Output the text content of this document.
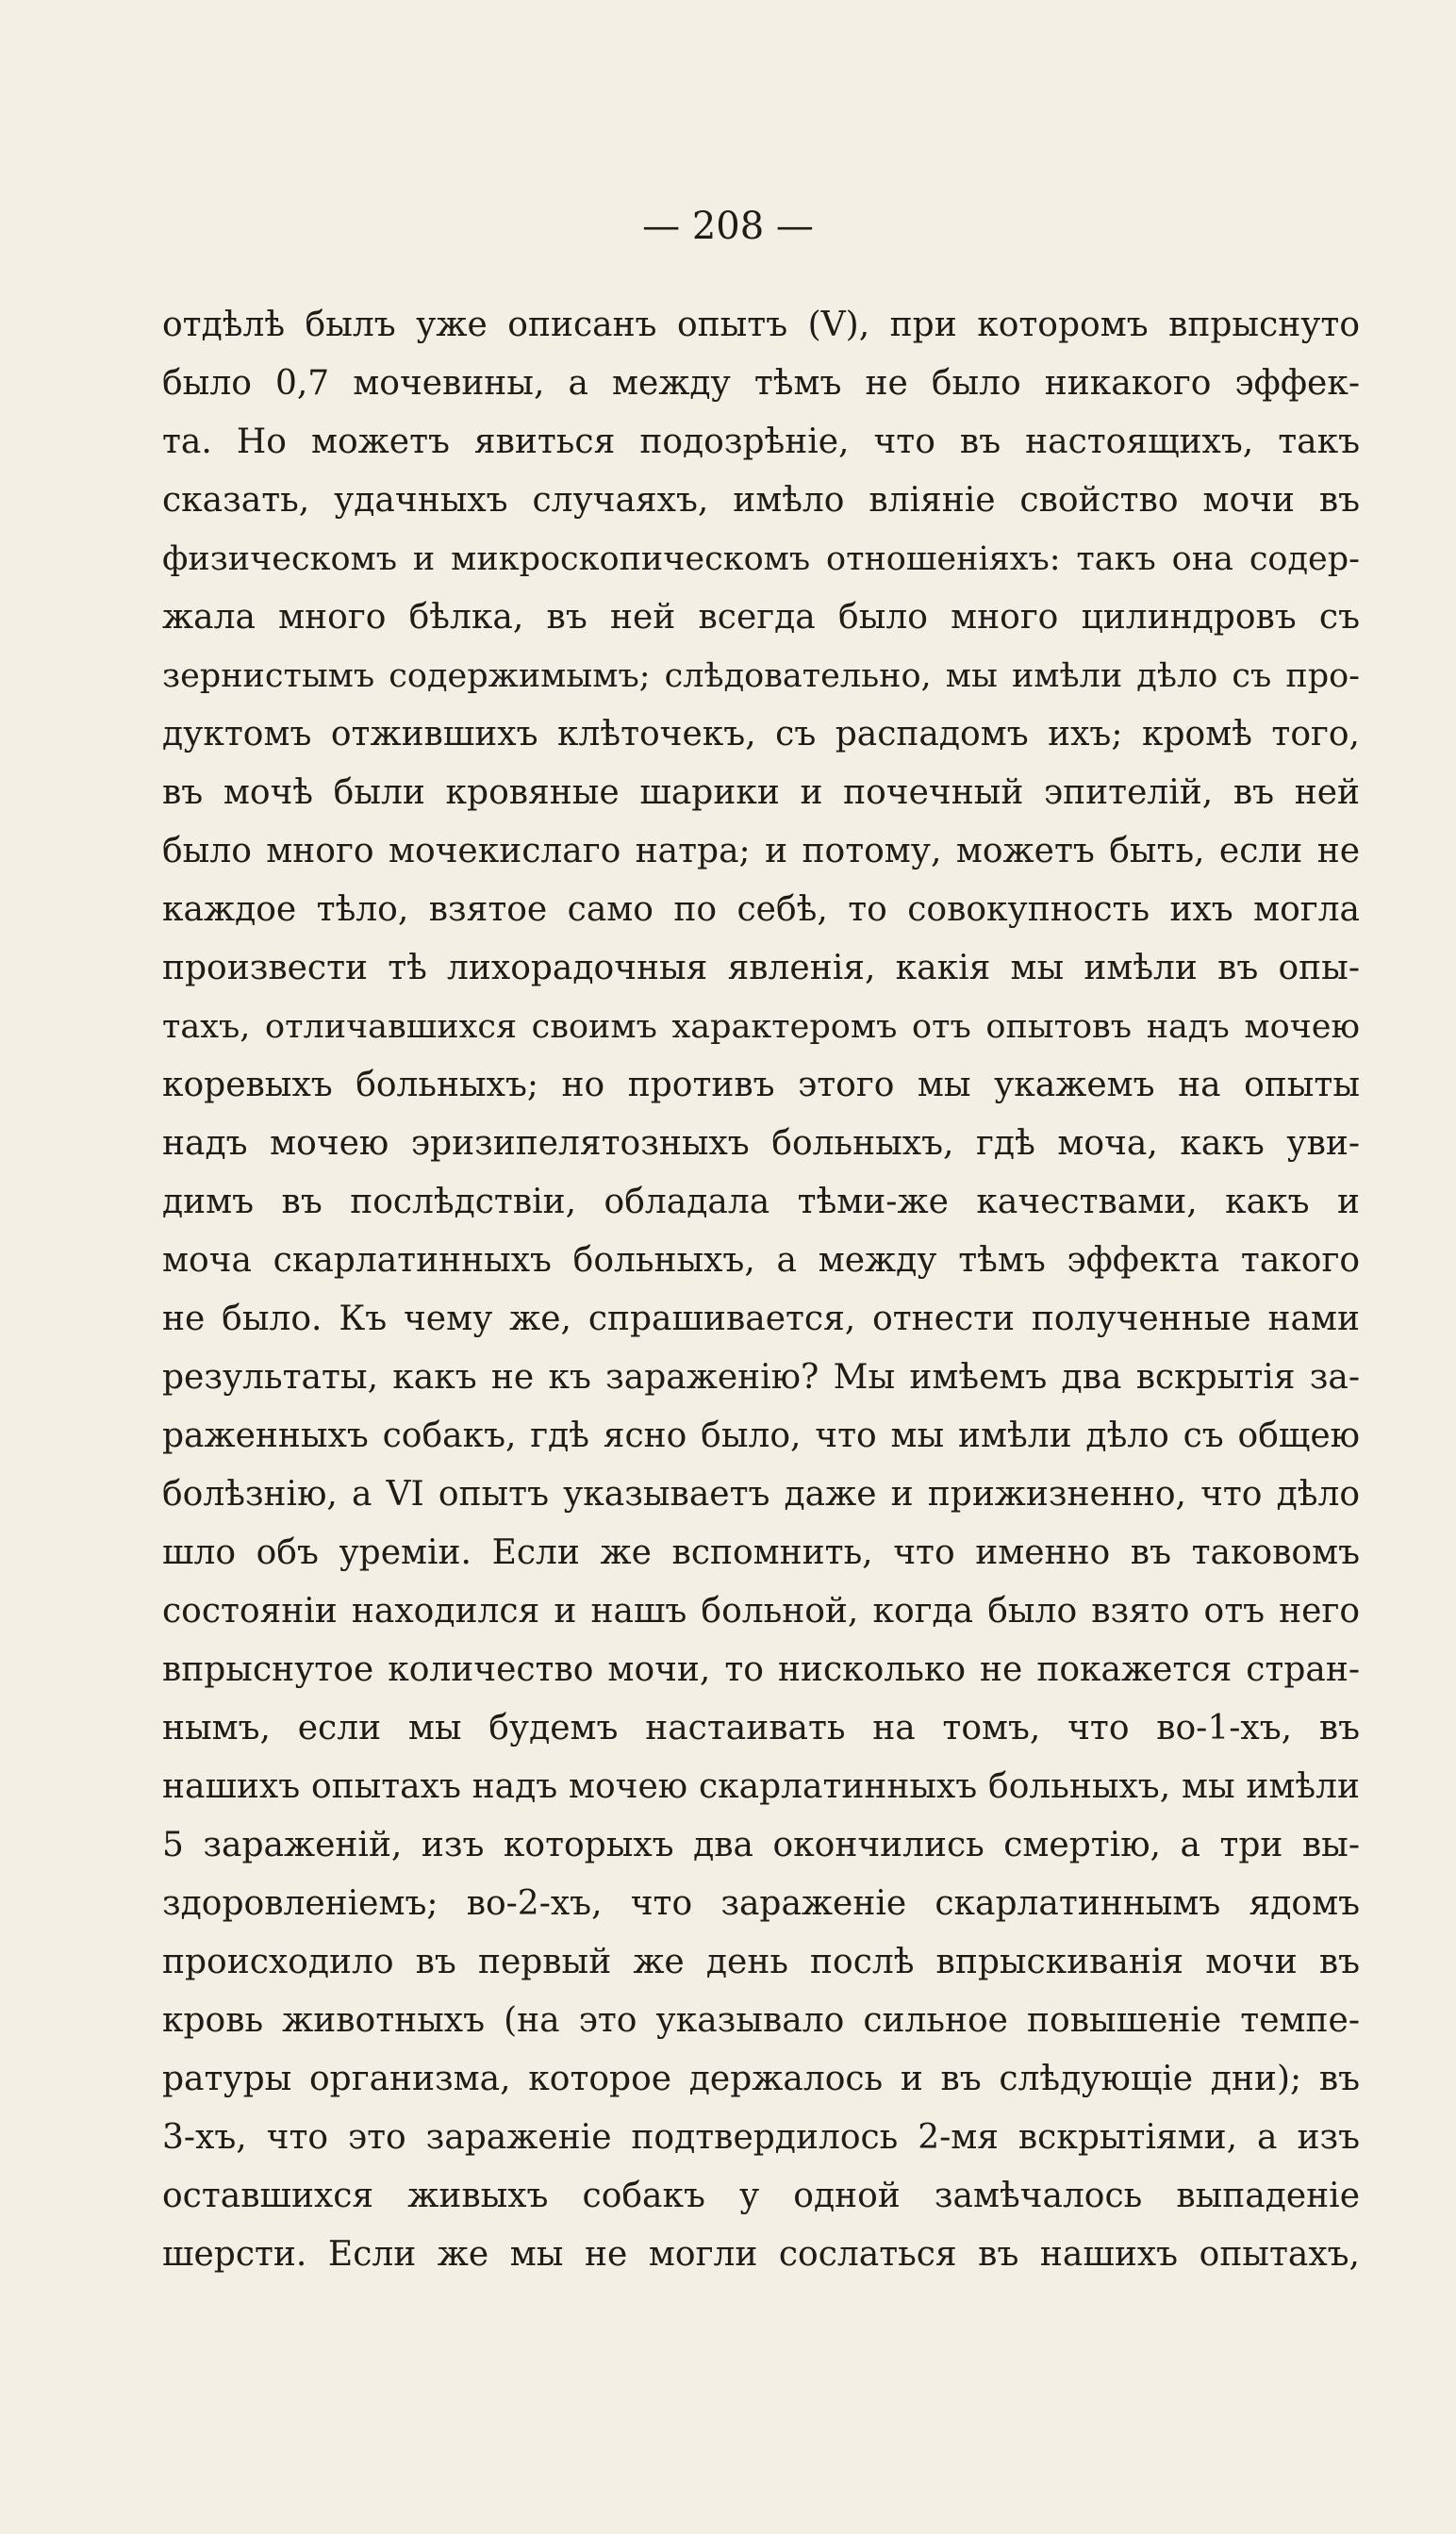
— 208 —
отдѣлѣ былъ уже описанъ опытъ (V), при которомъ впрыснуто
было 0,7 мочевины, а между тѣмъ не было никакого эффек-
та. Но можетъ явиться подозрѣніе, что въ настоящихъ, такъ
сказать, удачныхъ случаяхъ, имѣло вліяніе свойство мочи въ
физическомъ и микроскопическомъ отношеніяхъ: такъ она содер-
жала много бѣлка, въ ней всегда было много цилиндровъ съ
зернистымъ содержимымъ; слѣдовательно, мы имѣли дѣло съ про-
дуктомъ отжившихъ клѣточекъ, съ распадомъ ихъ; кромѣ того,
въ мочѣ были кровяные шарики и почечный эпителій, въ ней
было много мочекислаго натра; и потому, можетъ быть, если не
каждое тѣло, взятое само по себѣ, то совокупность ихъ могла
произвести тѣ лихорадочныя явленія, какія мы имѣли въ опы-
тахъ, отличавшихся своимъ характеромъ отъ опытовъ надъ мочею
коревыхъ больныхъ; но противъ этого мы укажемъ на опыты
надъ мочею эризипелятозныхъ больныхъ, гдѣ моча, какъ уви-
димъ въ послѣдствіи, обладала тѣми-же качествами, какъ и
моча скарлатинныхъ больныхъ, а между тѣмъ эффекта такого
не было. Къ чему же, спрашивается, отнести полученные нами
результаты, какъ не къ зараженію? Мы имѣемъ два вскрытія за-
раженныхъ собакъ, гдѣ ясно было, что мы имѣли дѣло съ общею
болѣзнію, а VI опытъ указываетъ даже и прижизненно, что дѣло
шло объ уремiи. Если же вспомнить, что именно въ таковомъ
состояніи находился и нашъ больной, когда было взято отъ него
впрыснутое количество мочи, то нисколько не покажется стран-
нымъ, если мы будемъ настаивать на томъ, что во-1-хъ, въ
нашихъ опытахъ надъ мочею скарлатинныхъ больныхъ, мы имѣли
5 зараженій, изъ которыхъ два окончились смертію, а три вы-
здоровленіемъ; во-2-хъ, что зараженіе скарлатиннымъ ядомъ
происходило въ первый же день послѣ впрыскиванія мочи въ
кровь животныхъ (на это указывало сильное повышеніе темпе-
ратуры организма, которое держалось и въ слѣдующіе дни); въ
3-хъ, что это зараженіе подтвердилось 2-мя вскрытіями, а изъ
оставшихся живыхъ собакъ у одной замѣчалось выпаденіе
шерсти. Если же мы не могли сослаться въ нашихъ опытахъ,
